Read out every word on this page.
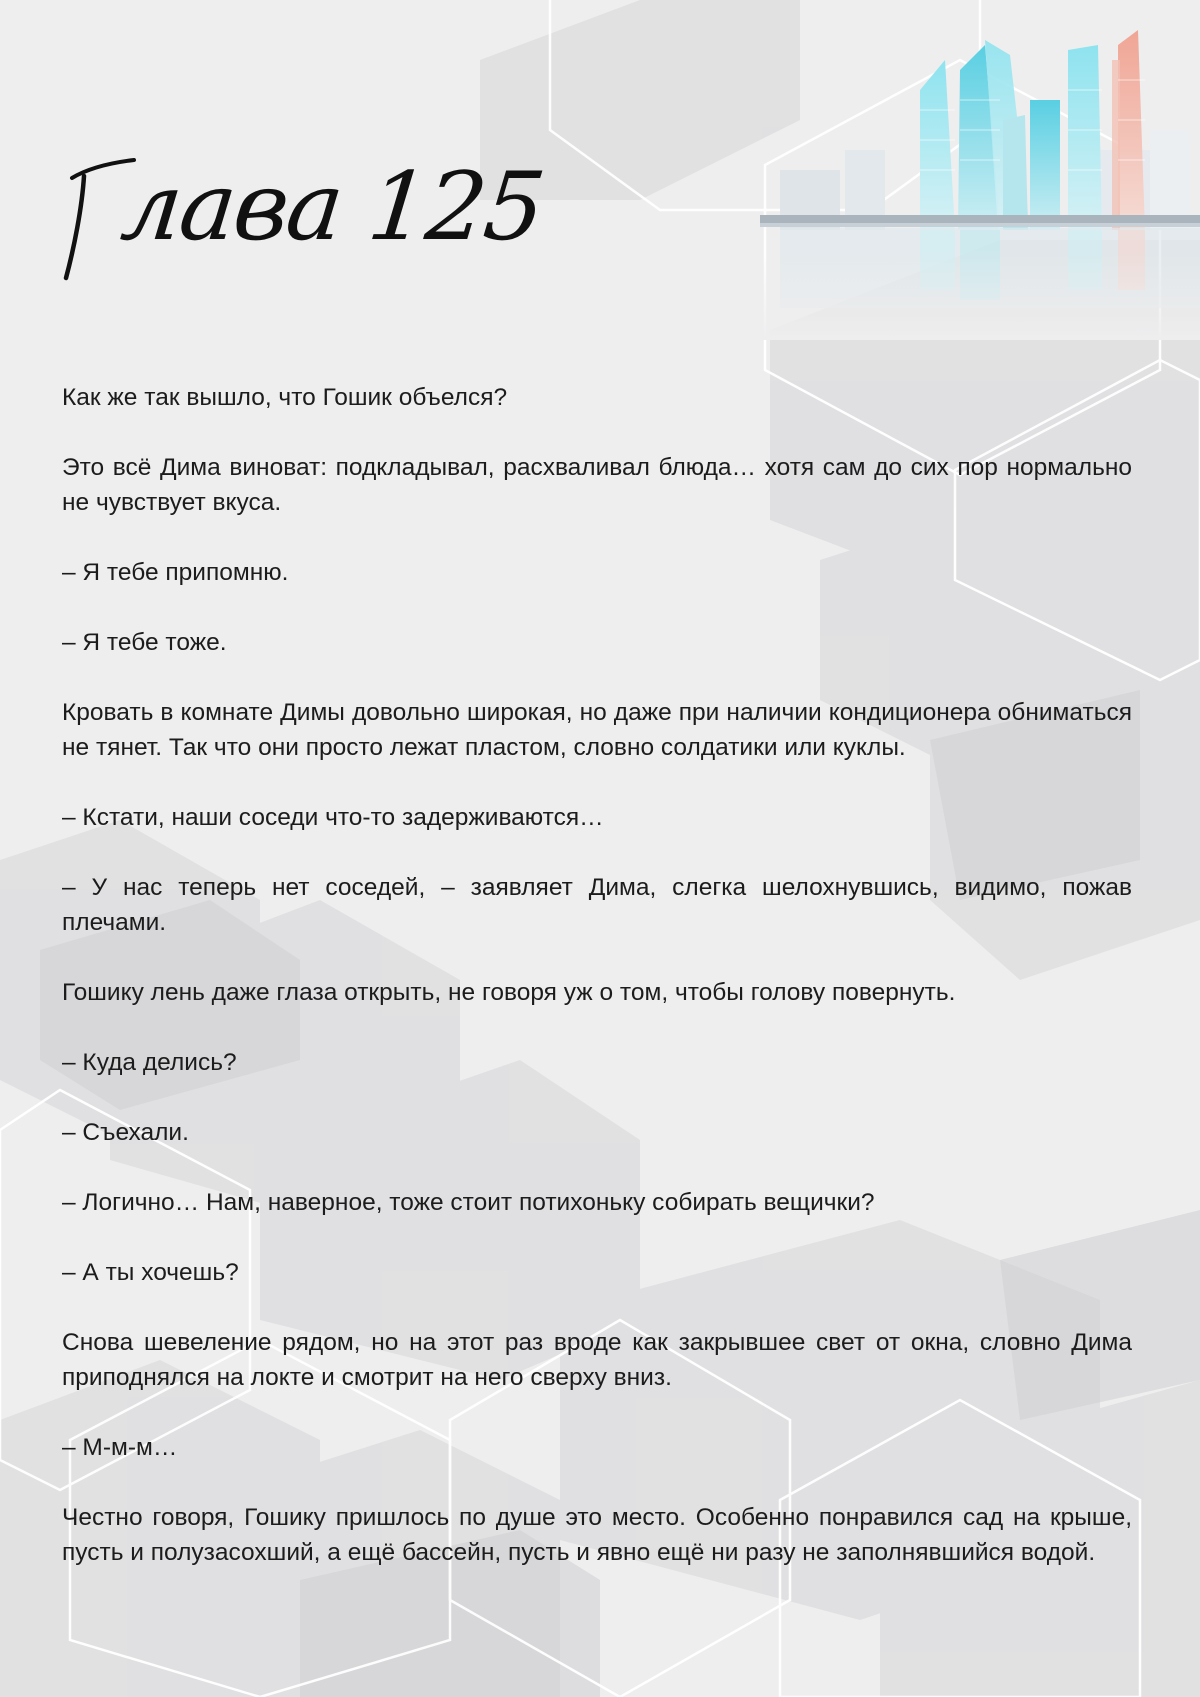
лава 125

Как же так вышло, что Гошик объелся?

Это всё Дима виноват: подкладывал, расхваливал блюда… хотя сам до сих пор нормально не чувствует вкуса.

– Я тебе припомню.

– Я тебе тоже.

Кровать в комнате Димы довольно широкая, но даже при наличии кондиционера обниматься не тянет. Так что они просто лежат пластом, словно солдатики или куклы.

– Кстати, наши соседи что-то задерживаются…

– У нас теперь нет соседей, – заявляет Дима, слегка шелохнувшись, видимо, пожав плечами.

Гошику лень даже глаза открыть, не говоря уж о том, чтобы голову повернуть.

– Куда делись?

– Съехали.

– Логично… Нам, наверное, тоже стоит потихоньку собирать вещички?

– А ты хочешь?

Снова шевеление рядом, но на этот раз вроде как закрывшее свет от окна, словно Дима приподнялся на локте и смотрит на него сверху вниз.

– М-м-м…

Честно говоря, Гошику пришлось по душе это место. Особенно понравился сад на крыше, пусть и полузасохший, а ещё бассейн, пусть и явно ещё ни разу не заполнявшийся водой.
